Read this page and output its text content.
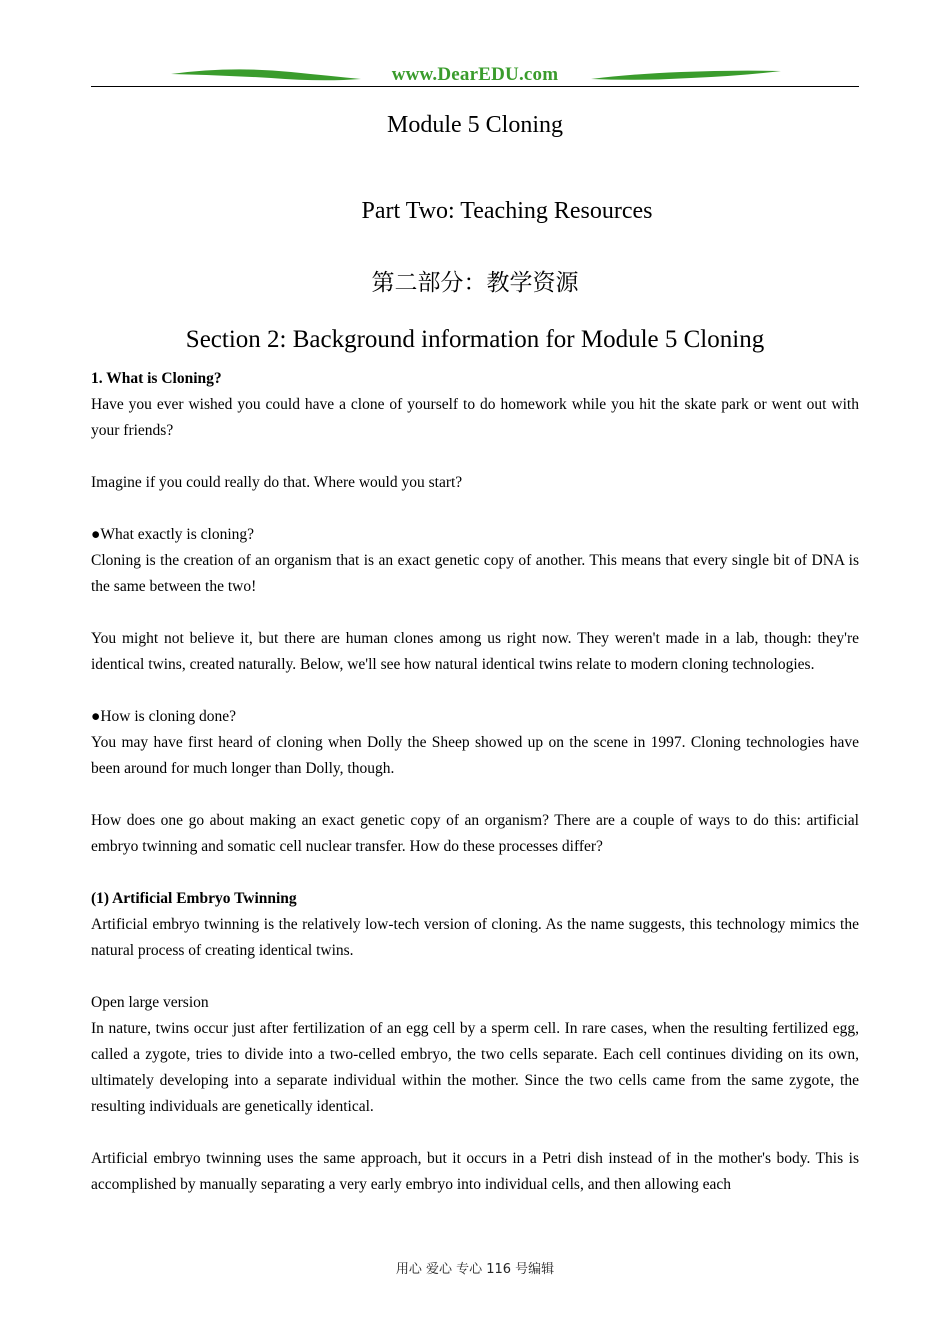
www.DearEDU.com
Module 5 Cloning
Part Two: Teaching Resources
第二部分：教学资源
Section 2: Background information for Module 5 Cloning

1. What is Cloning?

Have you ever wished you could have a clone of yourself to do homework while you hit the skate park or went out with your friends?

Imagine if you could really do that. Where would you start?

●What exactly is cloning?

Cloning is the creation of an organism that is an exact genetic copy of another. This means that every single bit of DNA is the same between the two!

You might not believe it, but there are human clones among us right now. They weren't made in a lab, though: they're identical twins, created naturally. Below, we'll see how natural identical twins relate to modern cloning technologies.

●How is cloning done?

You may have first heard of cloning when Dolly the Sheep showed up on the scene in 1997. Cloning technologies have been around for much longer than Dolly, though.

How does one go about making an exact genetic copy of an organism? There are a couple of ways to do this: artificial embryo twinning and somatic cell nuclear transfer. How do these processes differ?

(1) Artificial Embryo Twinning

Artificial embryo twinning is the relatively low-tech version of cloning. As the name suggests, this technology mimics the natural process of creating identical twins.

Open large version

In nature, twins occur just after fertilization of an egg cell by a sperm cell. In rare cases, when the resulting fertilized egg, called a zygote, tries to divide into a two-celled embryo, the two cells separate. Each cell continues dividing on its own, ultimately developing into a separate individual within the mother. Since the two cells came from the same zygote, the resulting individuals are genetically identical.

Artificial embryo twinning uses the same approach, but it occurs in a Petri dish instead of in the mother's body. This is accomplished by manually separating a very early embryo into individual cells, and then allowing each

用心 爱心 专心 116 号编辑
